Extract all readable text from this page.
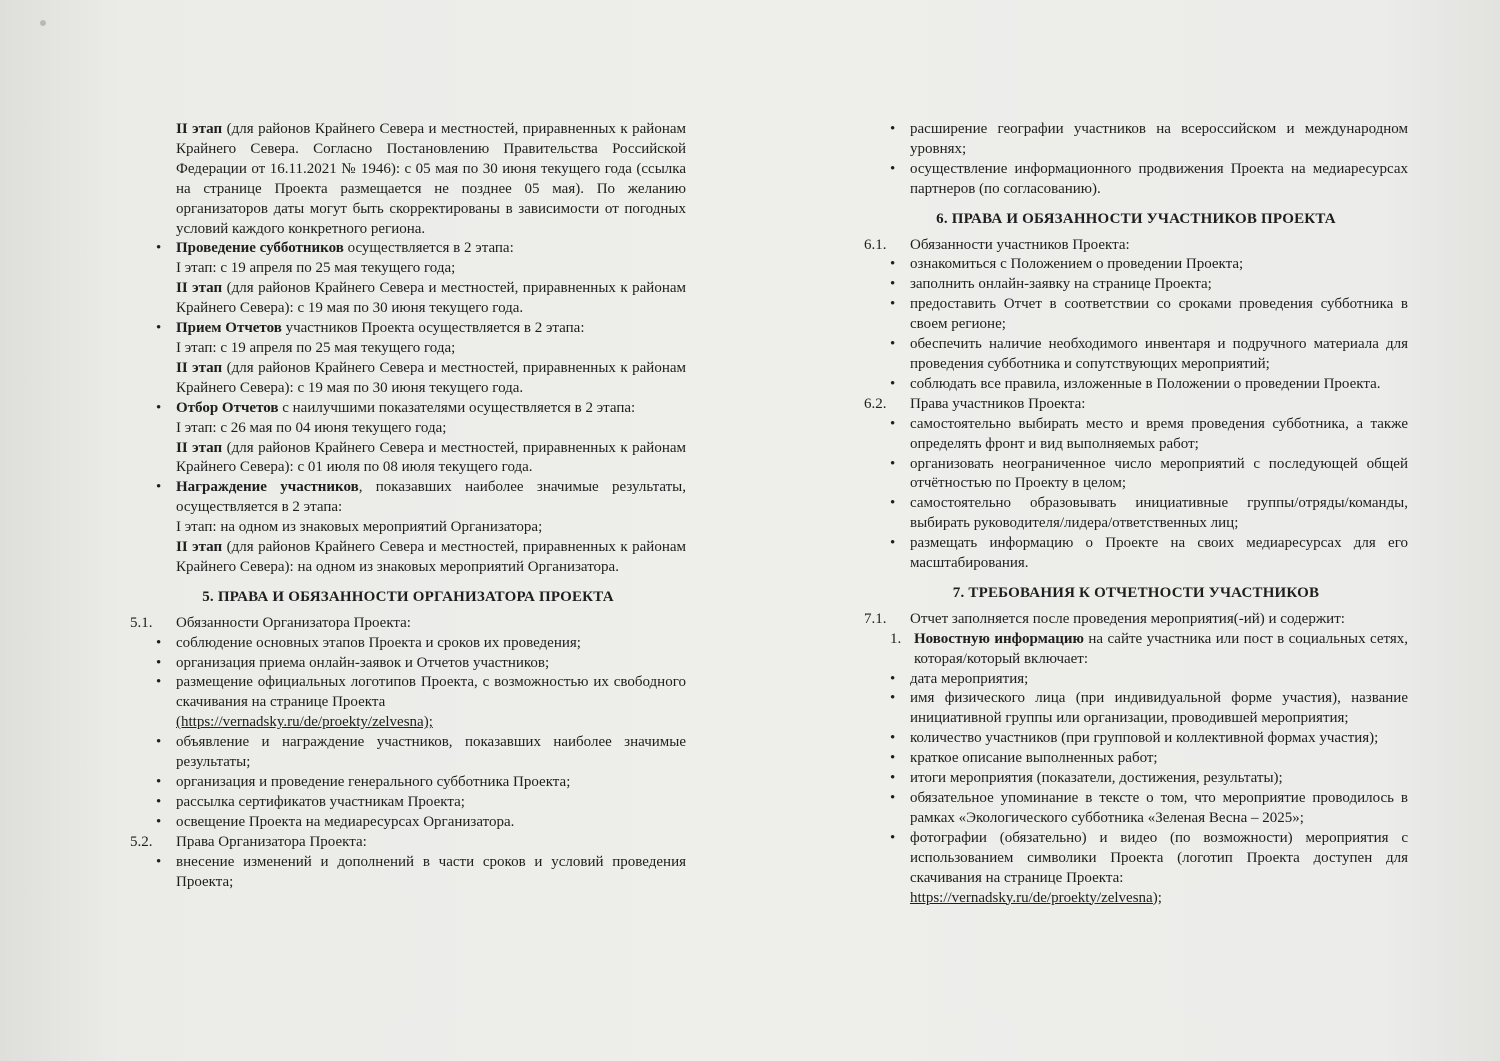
II этап (для районов Крайнего Севера и местностей, приравненных к районам Крайнего Севера. Согласно Постановлению Правительства Российской Федерации от 16.11.2021 № 1946): с 05 мая по 30 июня текущего года (ссылка на странице Проекта размещается не позднее 05 мая). По желанию организаторов даты могут быть скорректированы в зависимости от погодных условий каждого конкретного региона.

• Проведение субботников осуществляется в 2 этапа:

I этап: с 19 апреля по 25 мая текущего года;

II этап (для районов Крайнего Севера и местностей, приравненных к районам Крайнего Севера): с 19 мая по 30 июня текущего года.

• Прием Отчетов участников Проекта осуществляется в 2 этапа:

I этап: с 19 апреля по 25 мая текущего года;

II этап (для районов Крайнего Севера и местностей, приравненных к районам Крайнего Севера): с 19 мая по 30 июня текущего года.

• Отбор Отчетов с наилучшими показателями осуществляется в 2 этапа:

I этап: с 26 мая по 04 июня текущего года;

II этап (для районов Крайнего Севера и местностей, приравненных к районам Крайнего Севера): с 01 июля по 08 июля текущего года.

• Награждение участников, показавших наиболее значимые результаты, осуществляется в 2 этапа:

I этап: на одном из знаковых мероприятий Организатора;

II этап (для районов Крайнего Севера и местностей, приравненных к районам Крайнего Севера): на одном из знаковых мероприятий Организатора.

5. ПРАВА И ОБЯЗАННОСТИ ОРГАНИЗАТОРА ПРОЕКТА

5.1.	Обязанности Организатора Проекта:
• соблюдение основных этапов Проекта и сроков их проведения;
• организация приема онлайн-заявок и Отчетов участников;
• размещение официальных логотипов Проекта, с возможностью их свободного скачивания на странице Проекта
(https://vernadsky.ru/de/proekty/zelvesna);
• объявление и награждение участников, показавших наиболее значимые результаты;
• организация и проведение генерального субботника Проекта;
• рассылка сертификатов участникам Проекта;
• освещение Проекта на медиаресурсах Организатора.
5.2.	Права Организатора Проекта:
• внесение изменений и дополнений в части сроков и условий проведения Проекта;
• расширение географии участников на всероссийском и международном уровнях;
• осуществление информационного продвижения Проекта на медиаресурсах партнеров (по согласованию).

6. ПРАВА И ОБЯЗАННОСТИ УЧАСТНИКОВ ПРОЕКТА

6.1.	Обязанности участников Проекта:
• ознакомиться с Положением о проведении Проекта;
• заполнить онлайн-заявку на странице Проекта;
• предоставить Отчет в соответствии со сроками проведения субботника в своем регионе;
• обеспечить наличие необходимого инвентаря и подручного материала для проведения субботника и сопутствующих мероприятий;
• соблюдать все правила, изложенные в Положении о проведении Проекта.
6.2.	Права участников Проекта:
• самостоятельно выбирать место и время проведения субботника, а также определять фронт и вид выполняемых работ;
• организовать неограниченное число мероприятий с последующей общей отчётностью по Проекту в целом;
• самостоятельно образовывать инициативные группы/отряды/команды, выбирать руководителя/лидера/ответственных лиц;
• размещать информацию о Проекте на своих медиаресурсах для его масштабирования.

7. ТРЕБОВАНИЯ К ОТЧЕТНОСТИ УЧАСТНИКОВ

7.1.	Отчет заполняется после проведения мероприятия(-ий) и содержит:
1. Новостную информацию на сайте участника или пост в социальных сетях, которая/который включает:
• дата мероприятия;
• имя физического лица (при индивидуальной форме участия), название инициативной группы или организации, проводившей мероприятия;
• количество участников (при групповой и коллективной формах участия);
• краткое описание выполненных работ;
• итоги мероприятия (показатели, достижения, результаты);
• обязательное упоминание в тексте о том, что мероприятие проводилось в рамках «Экологического субботника «Зеленая Весна – 2025»;
• фотографии (обязательно) и видео (по возможности) мероприятия с использованием символики Проекта (логотип Проекта доступен для скачивания на странице Проекта:
https://vernadsky.ru/de/proekty/zelvesna);
